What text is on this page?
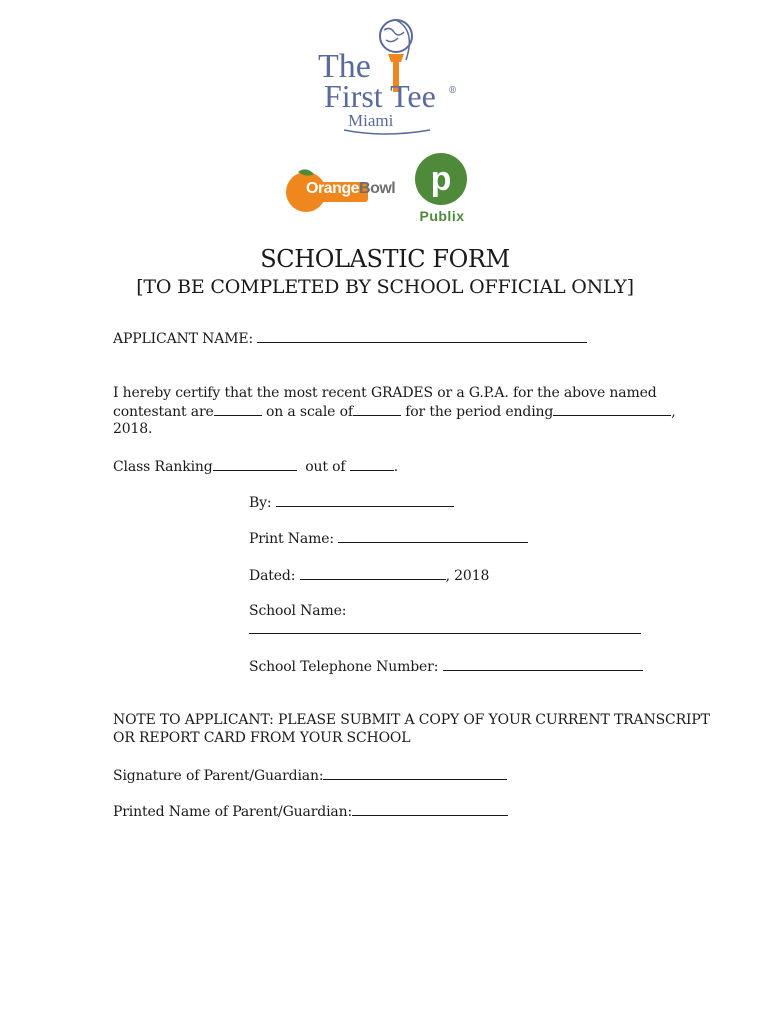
The
First Tee ®
Miami
OrangeBowl p
Publix
SCHOLASTIC FORM
[TO BE COMPLETED BY SCHOOL OFFICIAL ONLY]
APPLICANT NAME:
I hereby certify that the most recent GRADES or a G.P.A. for the above named
contestant are	on a scale of	for the period ending	,
2018.
Class Ranking	out of	.
By:
Print Name:
Dated:	, 2018
School Name:
School Telephone Number:
NOTE TO APPLICANT: PLEASE SUBMIT A COPY OF YOUR CURRENT TRANSCRIPT
OR REPORT CARD FROM YOUR SCHOOL
Signature of Parent/Guardian:
Printed Name of Parent/Guardian:
